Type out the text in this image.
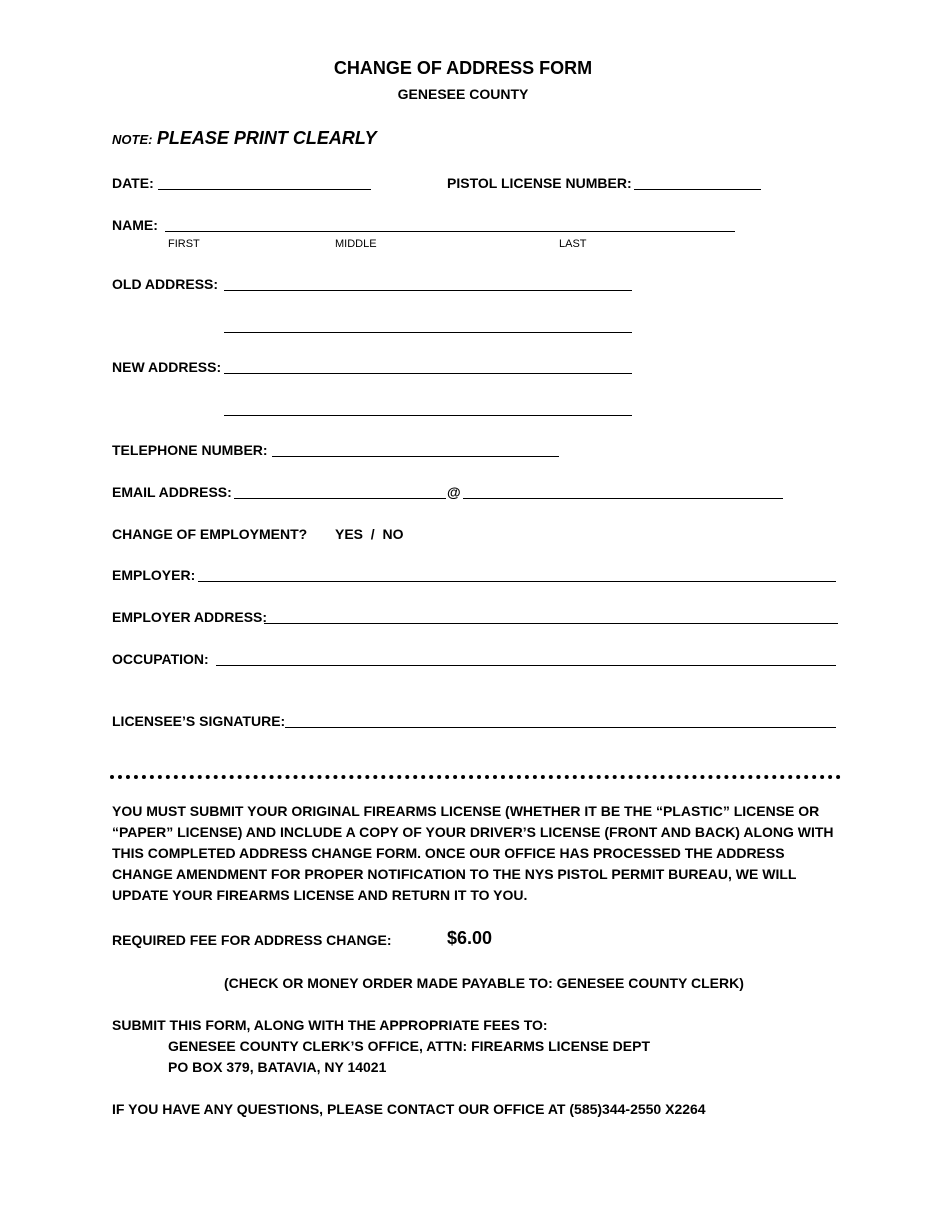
CHANGE OF ADDRESS FORM
GENESEE COUNTY
NOTE: PLEASE PRINT CLEARLY
DATE:	PISTOL LICENSE NUMBER:
NAME:
FIRST	MIDDLE	LAST
OLD ADDRESS:
NEW ADDRESS:
TELEPHONE NUMBER:
EMAIL ADDRESS:	@
CHANGE OF EMPLOYMENT? YES  /  NO
EMPLOYER:
EMPLOYER ADDRESS:
OCCUPATION:
LICENSEE’S SIGNATURE:
YOU MUST SUBMIT YOUR ORIGINAL FIREARMS LICENSE (WHETHER IT BE THE “PLASTIC” LICENSE OR “PAPER” LICENSE) AND INCLUDE A COPY OF YOUR DRIVER’S LICENSE (FRONT AND BACK) ALONG WITH THIS COMPLETED ADDRESS CHANGE FORM. ONCE OUR OFFICE HAS PROCESSED THE ADDRESS CHANGE AMENDMENT FOR PROPER NOTIFICATION TO THE NYS PISTOL PERMIT BUREAU, WE WILL UPDATE YOUR FIREARMS LICENSE AND RETURN IT TO YOU.
REQUIRED FEE FOR ADDRESS CHANGE:	$6.00
(CHECK OR MONEY ORDER MADE PAYABLE TO: GENESEE COUNTY CLERK)
SUBMIT THIS FORM, ALONG WITH THE APPROPRIATE FEES TO:
GENESEE COUNTY CLERK’S OFFICE, ATTN: FIREARMS LICENSE DEPT
PO BOX 379, BATAVIA, NY 14021
IF YOU HAVE ANY QUESTIONS, PLEASE CONTACT OUR OFFICE AT (585)344-2550 X2264
